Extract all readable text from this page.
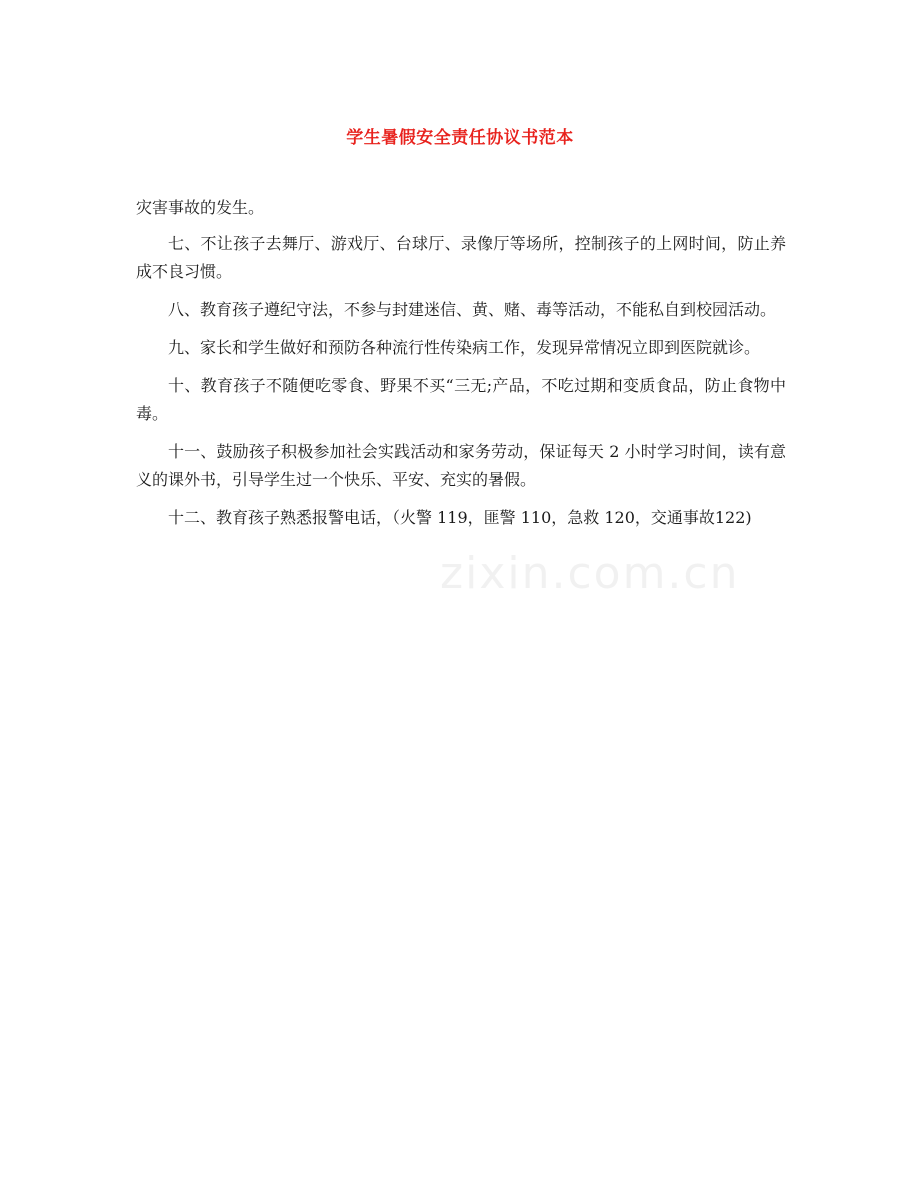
学生暑假安全责任协议书范本

灾害事故的发生。

七、不让孩子去舞厅、游戏厅、台球厅、录像厅等场所，控制孩子的上网时间，防止养成不良习惯。

八、教育孩子遵纪守法，不参与封建迷信、黄、赌、毒等活动，不能私自到校园活动。

九、家长和学生做好和预防各种流行性传染病工作，发现异常情况立即到医院就诊。

十、教育孩子不随便吃零食、野果不买“三无;产品，不吃过期和变质食品，防止食物中毒。

十一、鼓励孩子积极参加社会实践活动和家务劳动，保证每天 2 小时学习时间，读有意义的课外书，引导学生过一个快乐、平安、充实的暑假。

十二、教育孩子熟悉报警电话，（火警 119，匪警 110，急救 120，交通事故122)

zixin.com.cn
